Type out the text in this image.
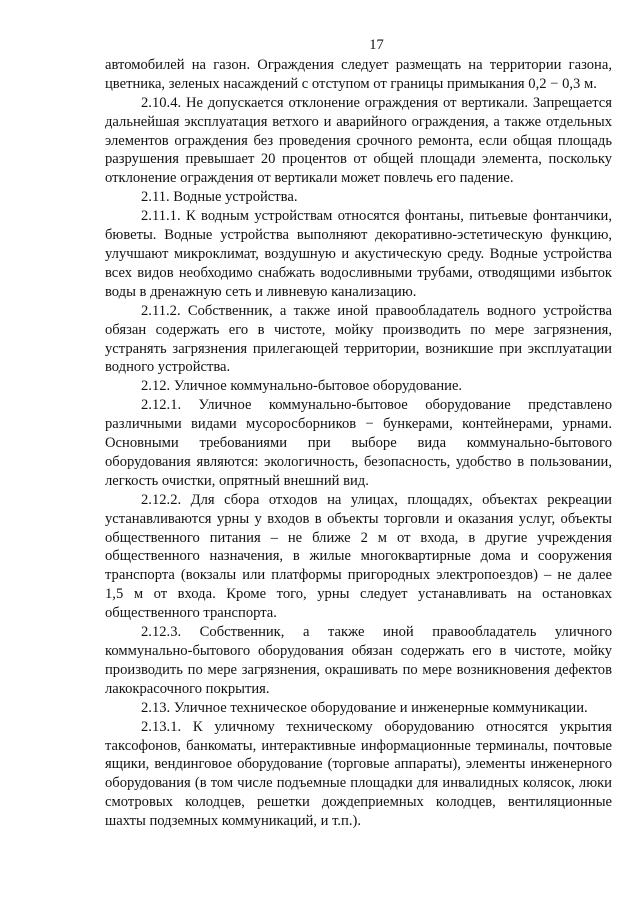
17

автомобилей на газон. Ограждения следует размещать на территории газона, цветника, зеленых насаждений с отступом от границы примыкания 0,2 − 0,3 м.

2.10.4. Не допускается отклонение ограждения от вертикали. Запрещается дальнейшая эксплуатация ветхого и аварийного ограждения, а также отдельных элементов ограждения без проведения срочного ремонта, если общая площадь разрушения превышает 20 процентов от общей площади элемента, поскольку отклонение ограждения от вертикали может повлечь его падение.

2.11. Водные устройства.

2.11.1. К водным устройствам относятся фонтаны, питьевые фонтанчики, бюветы. Водные устройства выполняют декоративно-эстетическую функцию, улучшают микроклимат, воздушную и акустическую среду. Водные устройства всех видов необходимо снабжать водосливными трубами, отводящими избыток воды в дренажную сеть и ливневую канализацию.

2.11.2. Собственник, а также иной правообладатель водного устройства обязан содержать его в чистоте, мойку производить по мере загрязнения, устранять загрязнения прилегающей территории, возникшие при эксплуатации водного устройства.

2.12. Уличное коммунально-бытовое оборудование.

2.12.1. Уличное коммунально-бытовое оборудование представлено различными видами мусоросборников − бункерами, контейнерами, урнами. Основными требованиями при выборе вида коммунально-бытового оборудования являются: экологичность, безопасность, удобство в пользовании, легкость очистки, опрятный внешний вид.

2.12.2. Для сбора отходов на улицах, площадях, объектах рекреации устанавливаются урны у входов в объекты торговли и оказания услуг, объекты общественного питания – не ближе 2 м от входа, в другие учреждения общественного назначения, в жилые многоквартирные дома и сооружения транспорта (вокзалы или платформы пригородных электропоездов) – не далее 1,5 м от входа. Кроме того, урны следует устанавливать на остановках общественного транспорта.

2.12.3. Собственник, а также иной правообладатель уличного коммунально-бытового оборудования обязан содержать его в чистоте, мойку производить по мере загрязнения, окрашивать по мере возникновения дефектов лакокрасочного покрытия.

2.13. Уличное техническое оборудование и инженерные коммуникации.

2.13.1. К уличному техническому оборудованию относятся укрытия таксофонов, банкоматы, интерактивные информационные терминалы, почтовые ящики, вендинговое оборудование (торговые аппараты), элементы инженерного оборудования (в том числе подъемные площадки для инвалидных колясок, люки смотровых колодцев, решетки дождеприемных колодцев, вентиляционные шахты подземных коммуникаций, и т.п.).
